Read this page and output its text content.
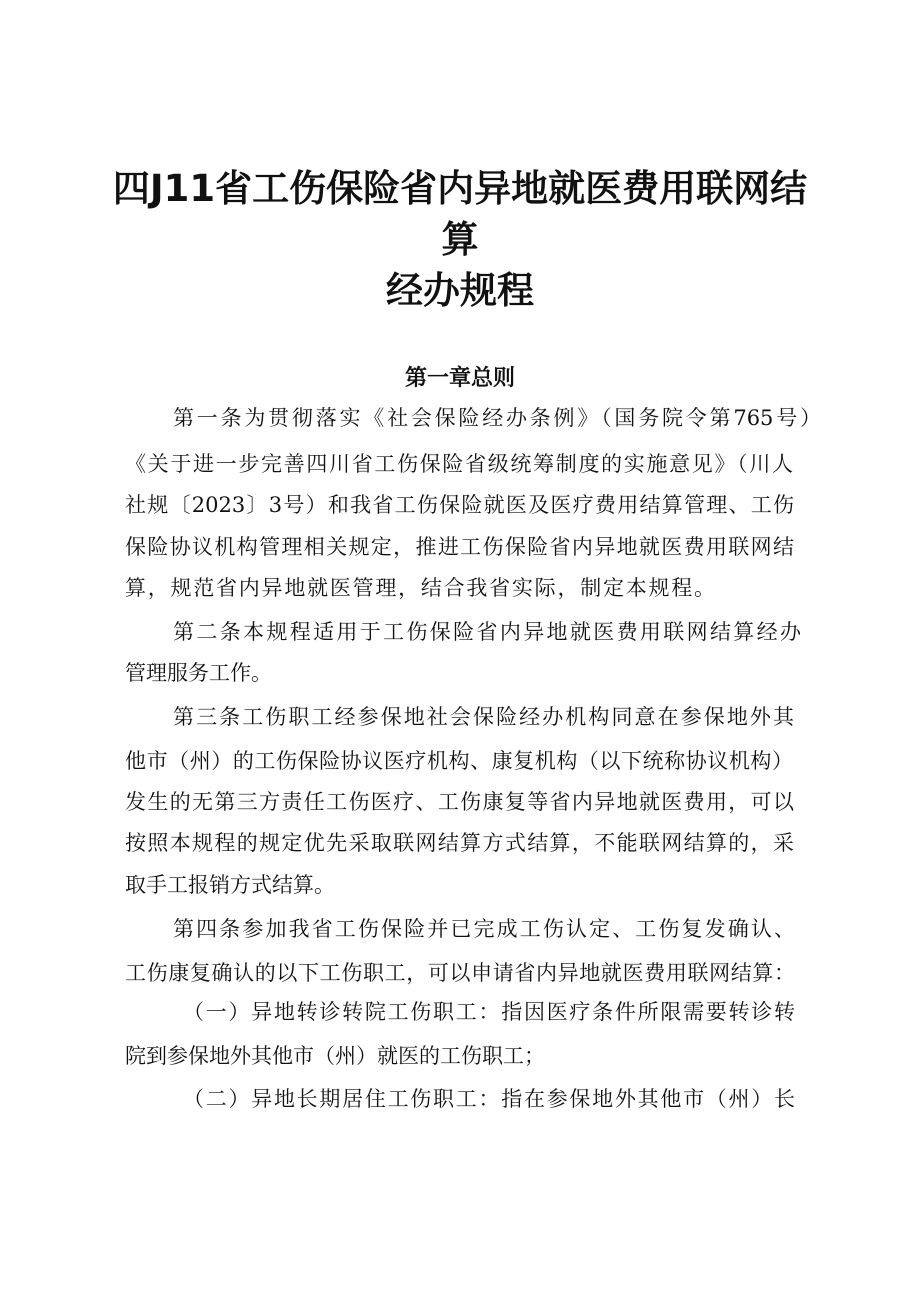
四J11省工伤保险省内异地就医费用联网结
算
经办规程
第一章总则
第一条为贯彻落实《社会保险经办条例》（国务院令第765号）
《关于进一步完善四川省工伤保险省级统筹制度的实施意见》（川人
社规〔2023〕3号）和我省工伤保险就医及医疗费用结算管理、工伤
保险协议机构管理相关规定，推进工伤保险省内异地就医费用联网结
算，规范省内异地就医管理，结合我省实际，制定本规程。
第二条本规程适用于工伤保险省内异地就医费用联网结算经办
管理服务工作。
第三条工伤职工经参保地社会保险经办机构同意在参保地外其
他市（州）的工伤保险协议医疗机构、康复机构（以下统称协议机构）
发生的无第三方责任工伤医疗、工伤康复等省内异地就医费用，可以
按照本规程的规定优先采取联网结算方式结算，不能联网结算的，采
取手工报销方式结算。
第四条参加我省工伤保险并已完成工伤认定、工伤复发确认、
工伤康复确认的以下工伤职工，可以申请省内异地就医费用联网结算：
（一）异地转诊转院工伤职工：指因医疗条件所限需要转诊转
院到参保地外其他市（州）就医的工伤职工；
（二）异地长期居住工伤职工：指在参保地外其他市（州）长
